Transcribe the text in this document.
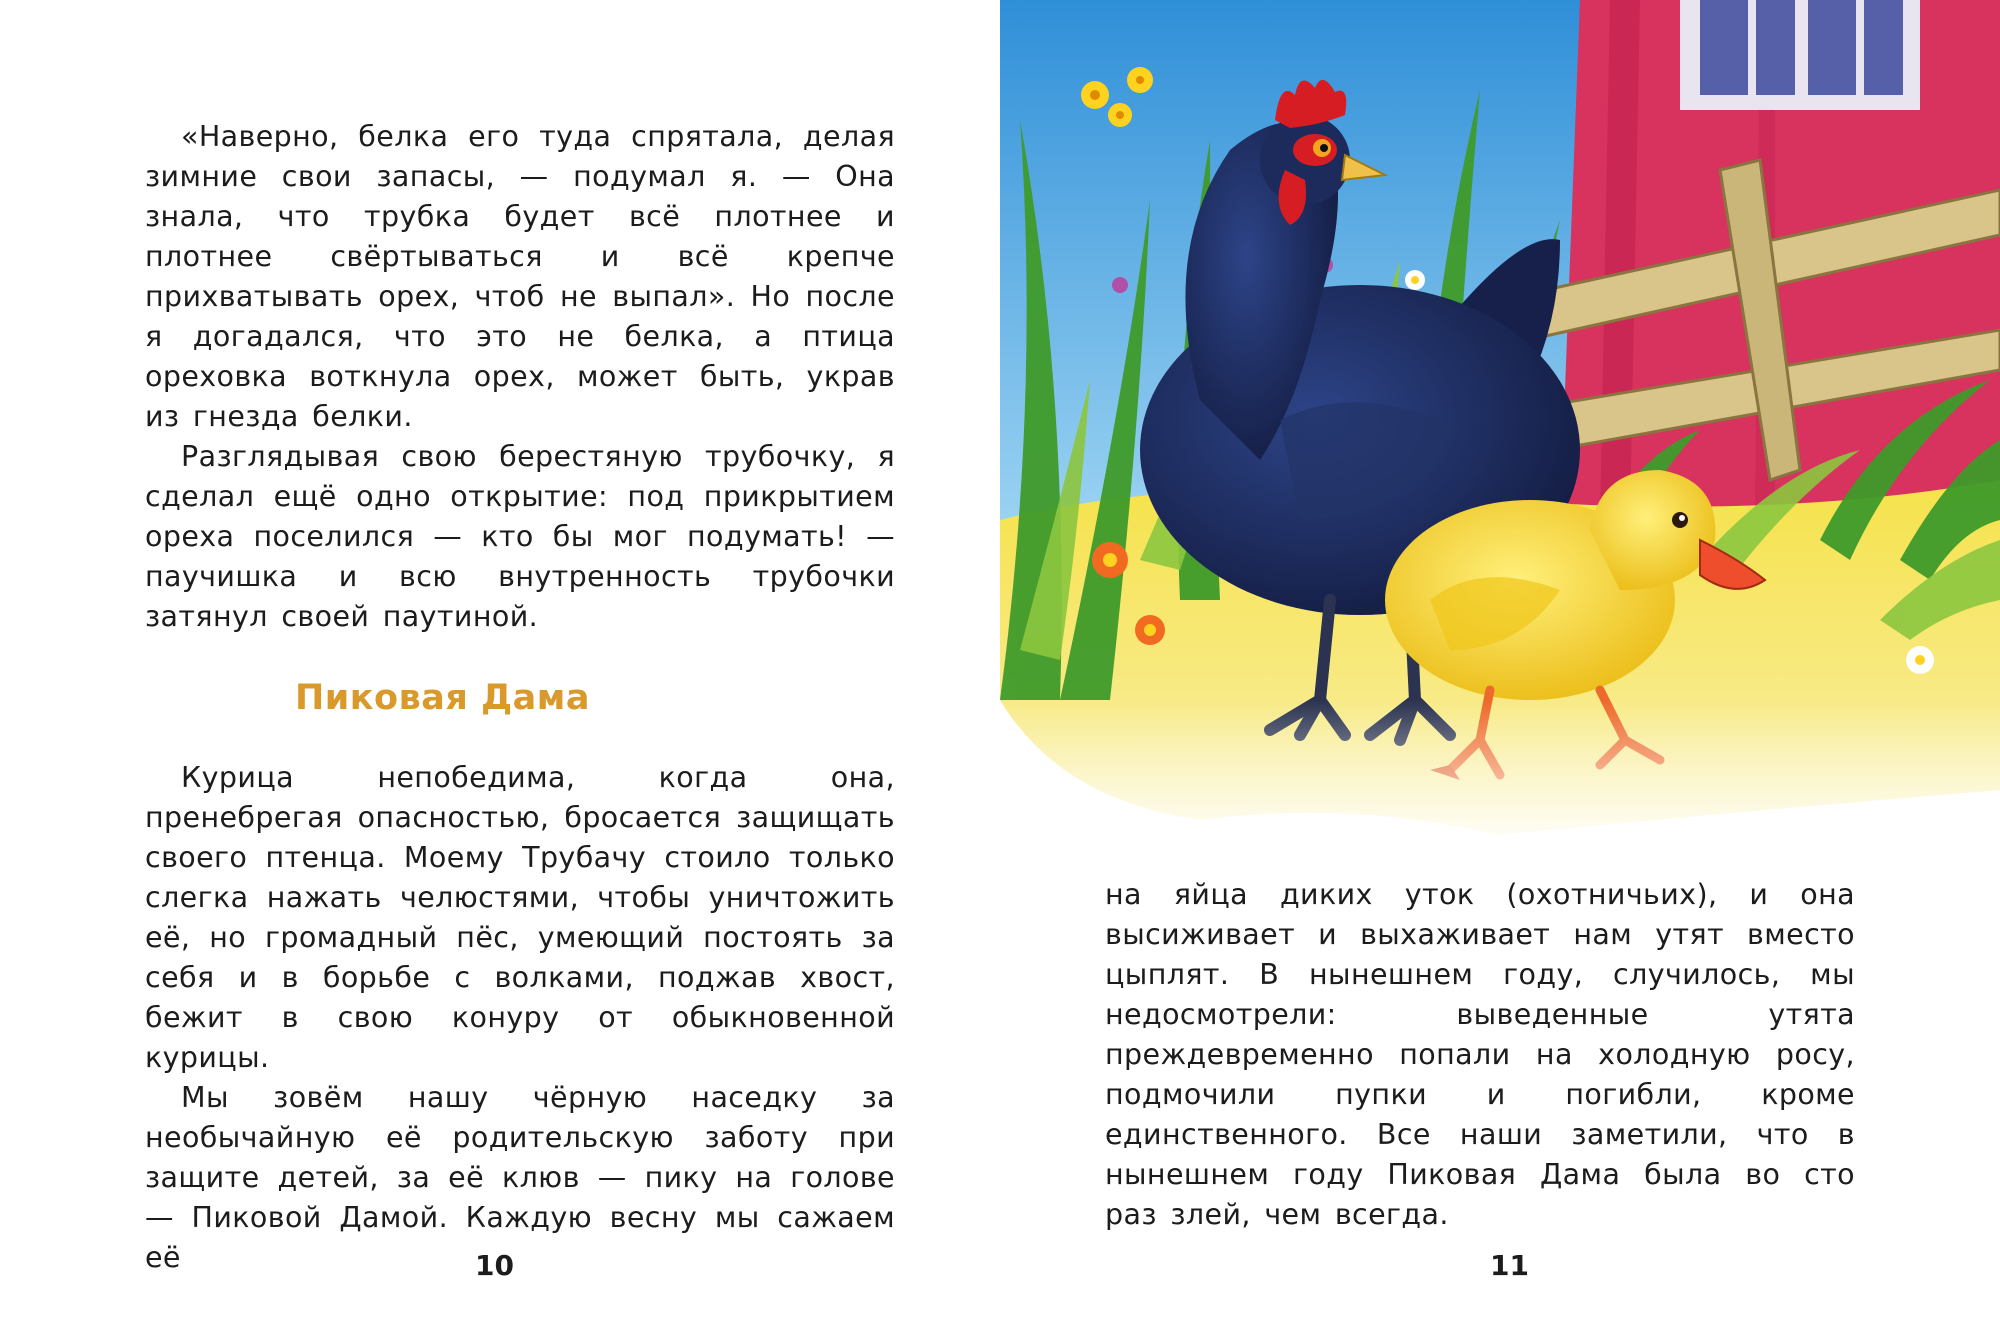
«Наверно, белка его туда спрятала, делая зимние свои запасы, — подумал я. — Она знала, что трубка будет всё плотнее и плотнее свёртываться и всё крепче прихватывать орех, чтоб не выпал». Но после я догадался, что это не белка, а птица ореховка воткнула орех, может быть, украв из гнезда белки.

Разглядывая свою берестяную трубочку, я сделал ещё одно открытие: под прикрытием ореха поселился — кто бы мог подумать! — паучишка и всю внутренность трубочки затянул своей паутиной.

Пиковая Дама

Курица непобедима, когда она, пренебрегая опасностью, бросается защищать своего птенца. Моему Трубачу стоило только слегка нажать челюстями, чтобы уничтожить её, но громадный пёс, умеющий постоять за себя и в борьбе с волками, поджав хвост, бежит в свою конуру от обыкновенной курицы.

Мы зовём нашу чёрную наседку за необычайную её родительскую заботу при защите детей, за её клюв — пику на голове — Пиковой Дамой. Каждую весну мы сажаем её	10

на яйца диких уток (охотничьих), и она высиживает и выхаживает нам утят вместо цыплят. В нынешнем году, случилось, мы недосмотрели: выведенные утята преждевременно попали на холодную росу, подмочили пупки и погибли, кроме единственного. Все наши заметили, что в нынешнем году Пиковая Дама была во сто раз злей, чем всегда.

11
